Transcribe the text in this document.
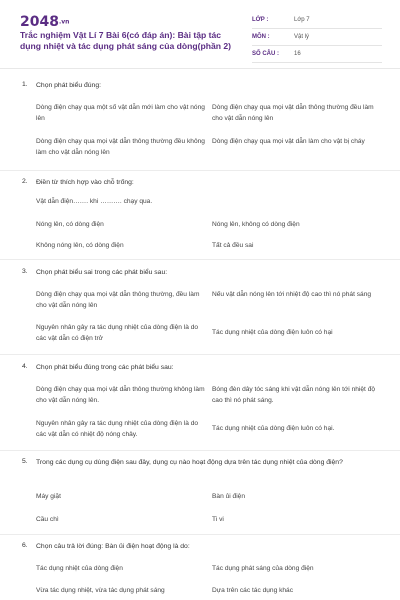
2048.vn
Trắc nghiệm Vật Lí 7 Bài 6(có đáp án): Bài tập tác dụng nhiệt và tác dụng phát sáng của dòng(phần 2)
LỚP :	Lớp 7
MÔN :	Vật lý
SỐ CÂU :	16
1. Chọn phát biểu đúng:
Dòng điện chạy qua một số vật dẫn mới làm cho vật nóng lên
Dòng điện chạy qua mọi vật dẫn thông thường đều làm cho vật dẫn nóng lên
Dòng điện chạy qua mọi vật dẫn thông thường đều không làm cho vật dẫn nóng lên
Dòng điện chạy qua mọi vật dẫn làm cho vật bị cháy
2. Điền từ thích hợp vào chỗ trống:
Vật dẫn điện……. khi ………. chạy qua.
Nóng lên, có dòng điện	Nóng lên, không có dòng điện
Không nóng lên, có dòng điện	Tất cả đều sai
3. Chọn phát biểu sai trong các phát biểu sau:
Dòng điện chạy qua mọi vật dẫn thông thường, đều làm cho vật dẫn nóng lên
Nếu vật dẫn nóng lên tới nhiệt độ cao thì nó phát sáng
Nguyên nhân gây ra tác dụng nhiệt của dòng điện là do các vật dẫn có điện trở
Tác dụng nhiệt của dòng điện luôn có hại
4. Chọn phát biểu đúng trong các phát biểu sau:
Dòng điện chạy qua mọi vật dẫn thông thường không làm cho vật dẫn nóng lên.
Bóng đèn dây tóc sáng khi vật dẫn nóng lên tới nhiệt độ cao thì nó phát sáng.
Nguyên nhân gây ra tác dụng nhiệt của dòng điện là do các vật dẫn có nhiệt độ nóng chảy.
Tác dụng nhiệt của dòng điện luôn có hại.
5. Trong các dụng cụ dùng điện sau đây, dụng cụ nào hoạt động dựa trên tác dụng nhiệt của dòng điện?
Máy giặt	Bàn ủi điện
Cầu chì	Ti vi
6. Chọn câu trả lời đúng: Bàn ủi điện hoạt động là do:
Tác dụng nhiệt của dòng điện	Tác dụng phát sáng của dòng điện
Vừa tác dụng nhiệt, vừa tác dụng phát sáng	Dựa trên các tác dụng khác
